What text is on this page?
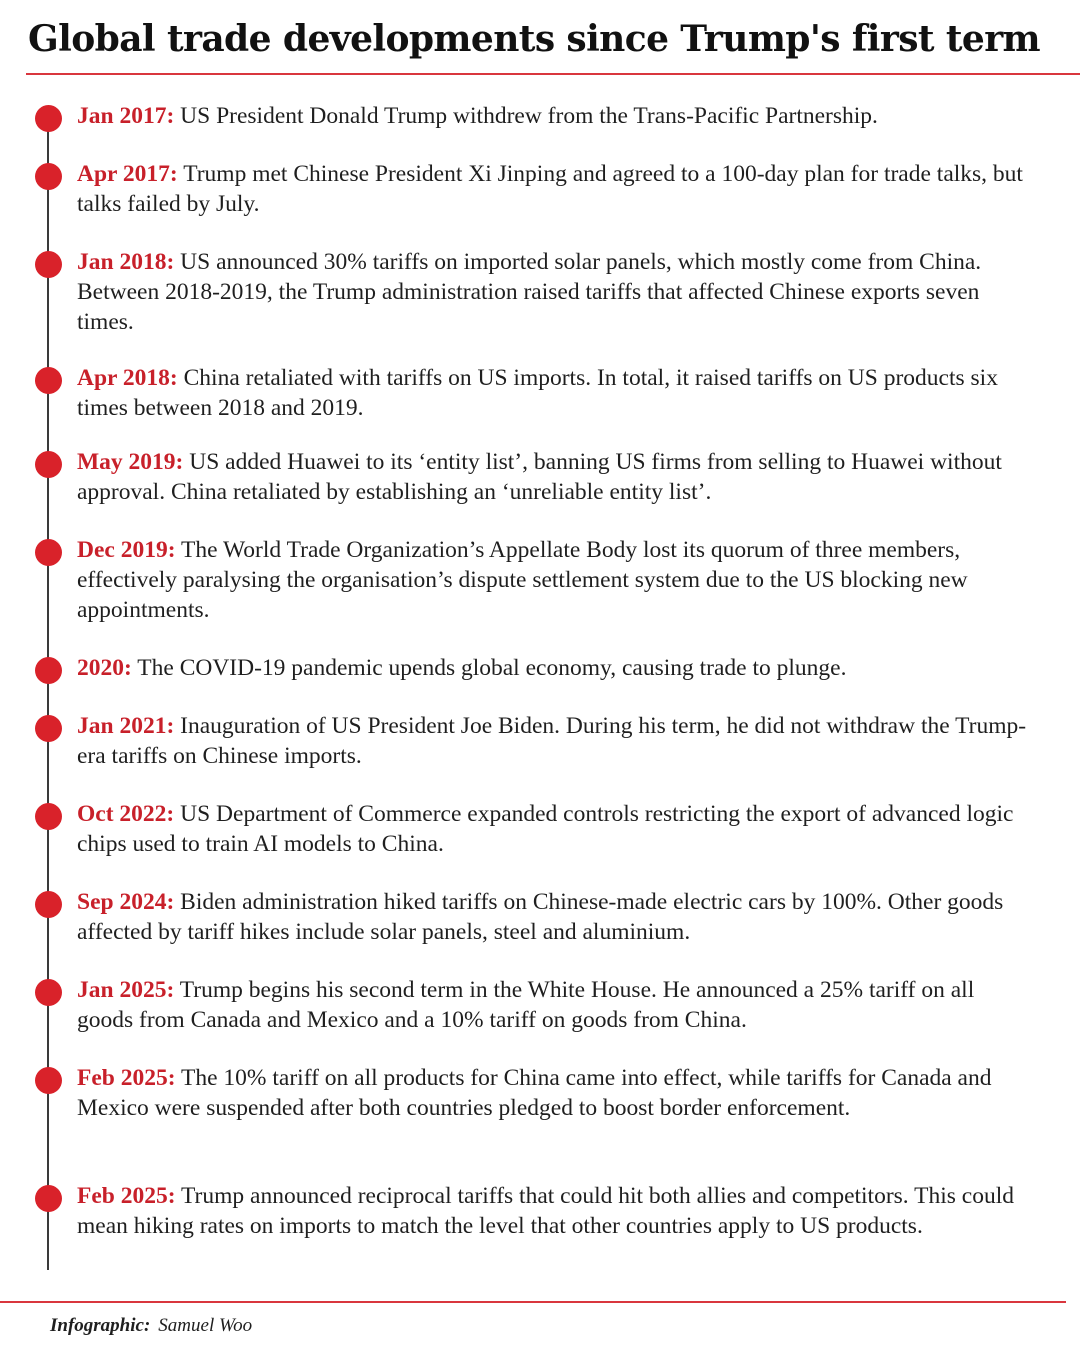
Global trade developments since Trump's first term

Jan 2017: US President Donald Trump withdrew from the Trans-Pacific Partnership.

Apr 2017: Trump met Chinese President Xi Jinping and agreed to a 100-day plan for trade talks, but talks failed by July.

Jan 2018: US announced 30% tariffs on imported solar panels, which mostly come from China. Between 2018-2019, the Trump administration raised tariffs that affected Chinese exports seven times.

Apr 2018: China retaliated with tariffs on US imports. In total, it raised tariffs on US products six times between 2018 and 2019.

May 2019: US added Huawei to its ‘entity list’, banning US firms from selling to Huawei without approval. China retaliated by establishing an ‘unreliable entity list’.

Dec 2019: The World Trade Organization’s Appellate Body lost its quorum of three members, effectively paralysing the organisation’s dispute settlement system due to the US blocking new appointments.

2020: The COVID-19 pandemic upends global economy, causing trade to plunge.

Jan 2021: Inauguration of US President Joe Biden. During his term, he did not withdraw the Trump-era tariffs on Chinese imports.

Oct 2022: US Department of Commerce expanded controls restricting the export of advanced logic chips used to train AI models to China.

Sep 2024: Biden administration hiked tariffs on Chinese-made electric cars by 100%. Other goods affected by tariff hikes include solar panels, steel and aluminium.

Jan 2025: Trump begins his second term in the White House. He announced a 25% tariff on all goods from Canada and Mexico and a 10% tariff on goods from China.

Feb 2025: The 10% tariff on all products for China came into effect, while tariffs for Canada and Mexico were suspended after both countries pledged to boost border enforcement.

Feb 2025: Trump announced reciprocal tariffs that could hit both allies and competitors. This could mean hiking rates on imports to match the level that other countries apply to US products.

Infographic: Samuel Woo
